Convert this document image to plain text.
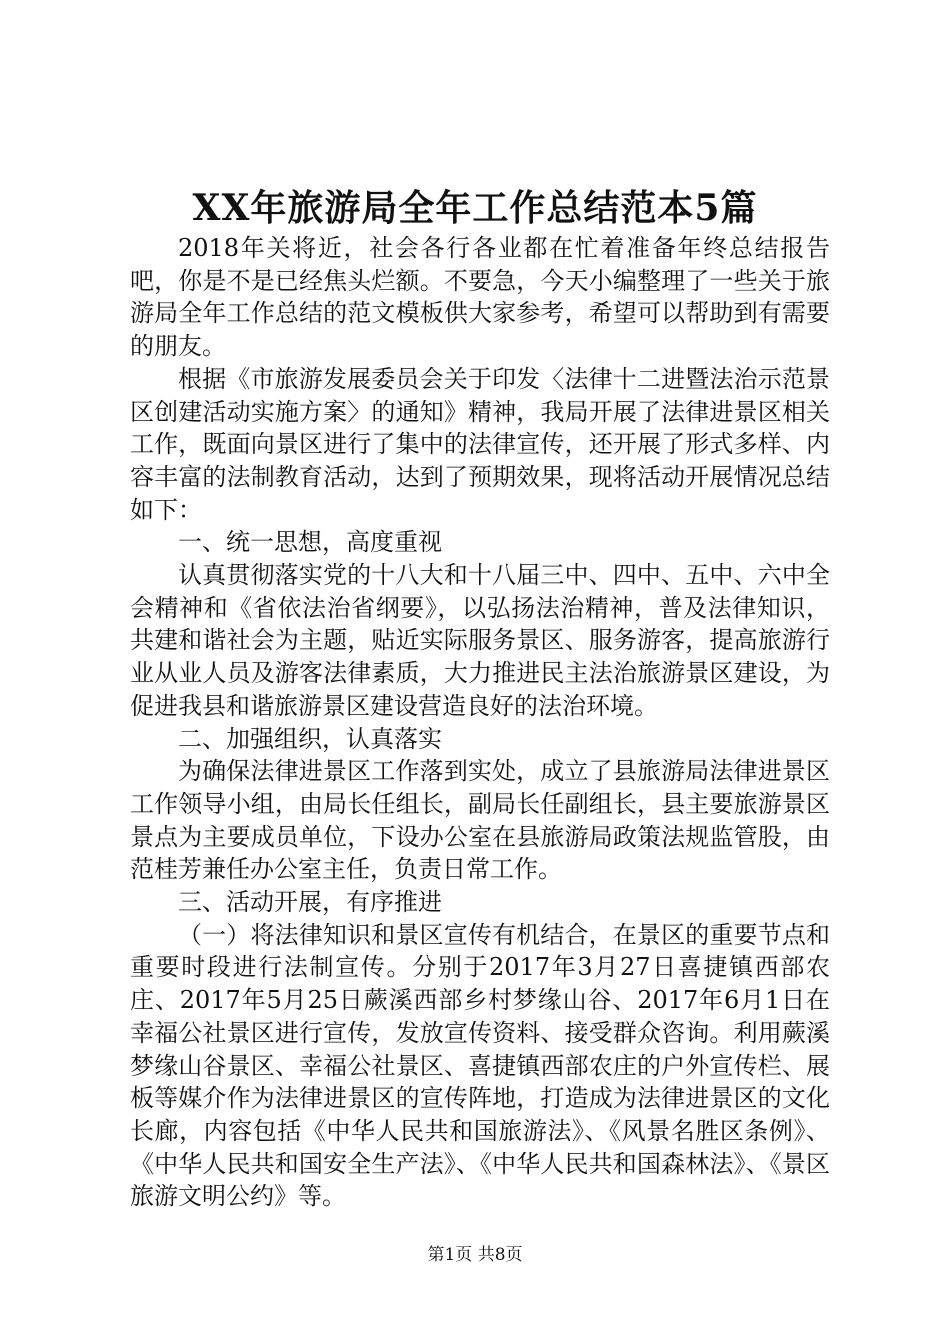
XX年旅游局全年工作总结范本5篇

2018年关将近，社会各行各业都在忙着准备年终总结报告吧，你是不是已经焦头烂额。不要急，今天小编整理了一些关于旅游局全年工作总结的范文模板供大家参考，希望可以帮助到有需要的朋友。

根据《市旅游发展委员会关于印发〈法律十二进暨法治示范景区创建活动实施方案〉的通知》精神，我局开展了法律进景区相关工作，既面向景区进行了集中的法律宣传，还开展了形式多样、内容丰富的法制教育活动，达到了预期效果，现将活动开展情况总结如下：

一、统一思想，高度重视

认真贯彻落实党的十八大和十八届三中、四中、五中、六中全会精神和《省依法治省纲要》，以弘扬法治精神，普及法律知识，共建和谐社会为主题，贴近实际服务景区、服务游客，提高旅游行业从业人员及游客法律素质，大力推进民主法治旅游景区建设，为促进我县和谐旅游景区建设营造良好的法治环境。

二、加强组织，认真落实

为确保法律进景区工作落到实处，成立了县旅游局法律进景区工作领导小组，由局长任组长，副局长任副组长，县主要旅游景区景点为主要成员单位，下设办公室在县旅游局政策法规监管股，由范桂芳兼任办公室主任，负责日常工作。

三、活动开展，有序推进

（一）将法律知识和景区宣传有机结合，在景区的重要节点和重要时段进行法制宣传。分别于2017年3月27日喜捷镇西部农庄、2017年5月25日蕨溪西部乡村梦缘山谷、2017年6月1日在幸福公社景区进行宣传，发放宣传资料、接受群众咨询。利用蕨溪梦缘山谷景区、幸福公社景区、喜捷镇西部农庄的户外宣传栏、展板等媒介作为法律进景区的宣传阵地，打造成为法律进景区的文化长廊，内容包括《中华人民共和国旅游法》、《风景名胜区条例》、《中华人民共和国安全生产法》、《中华人民共和国森林法》、《景区旅游文明公约》等。

第1页 共8页
